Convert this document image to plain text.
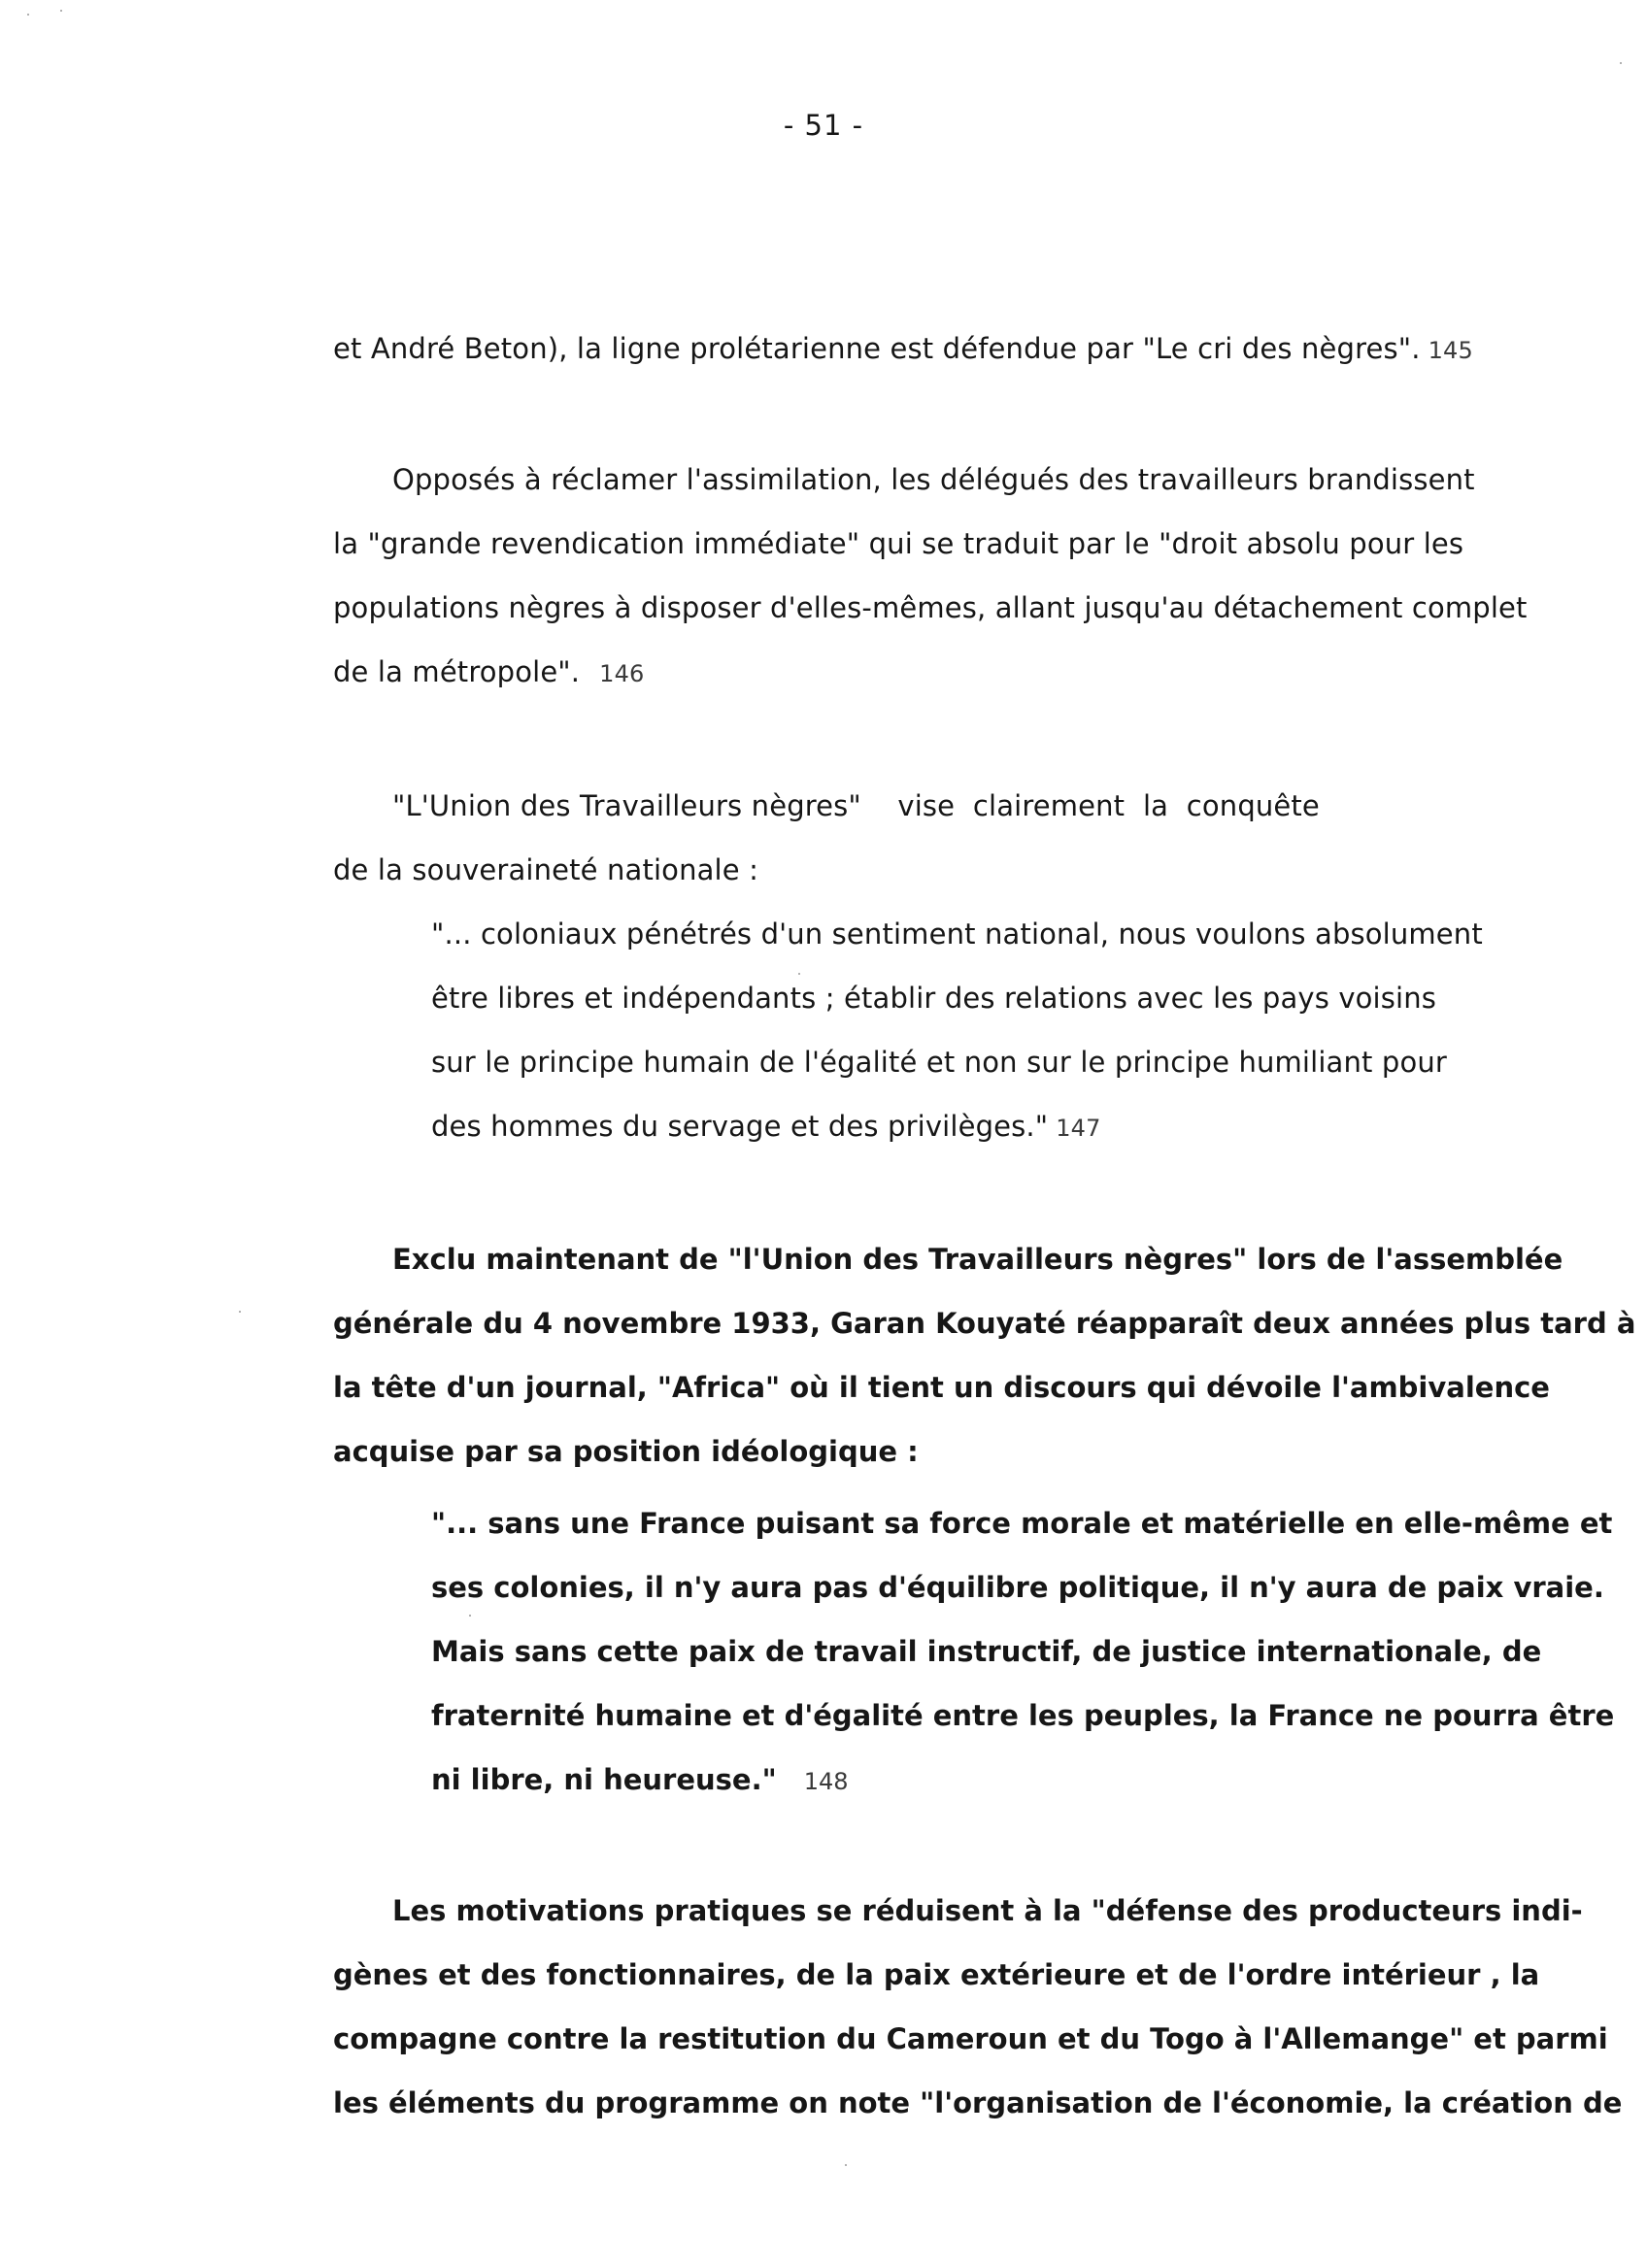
- 51 -
et André Beton), la ligne prolétarienne est défendue par "Le cri des nègres". 145
Opposés à réclamer l'assimilation, les délégués des travailleurs brandissent
la "grande revendication immédiate" qui se traduit par le "droit absolu pour les
populations nègres à disposer d'elles-mêmes, allant jusqu'au détachement complet
de la métropole". 146
"L'Union des Travailleurs nègres"    vise  clairement  la  conquête
de la souveraineté nationale :
"... coloniaux pénétrés d'un sentiment national, nous voulons absolument
être libres et indépendants ; établir des relations avec les pays voisins
sur le principe humain de l'égalité et non sur le principe humiliant pour
des hommes du servage et des privilèges." 147
Exclu maintenant de "l'Union des Travailleurs nègres" lors de l'assemblée
générale du 4 novembre 1933, Garan Kouyaté réapparaît deux années plus tard à
la tête d'un journal, "Africa" où il tient un discours qui dévoile l'ambivalence
acquise par sa position idéologique :
"... sans une France puisant sa force morale et matérielle en elle-même et
ses colonies, il n'y aura pas d'équilibre politique, il n'y aura de paix vraie.
Mais sans cette paix de travail instructif, de justice internationale, de
fraternité humaine et d'égalité entre les peuples, la France ne pourra être
ni libre, ni heureuse." 148
Les motivations pratiques se réduisent à la "défense des producteurs indi-
gènes et des fonctionnaires, de la paix extérieure et de l'ordre intérieur , la
compagne contre la restitution du Cameroun et du Togo à l'Allemange" et parmi
les éléments du programme on note "l'organisation de l'économie, la création de
